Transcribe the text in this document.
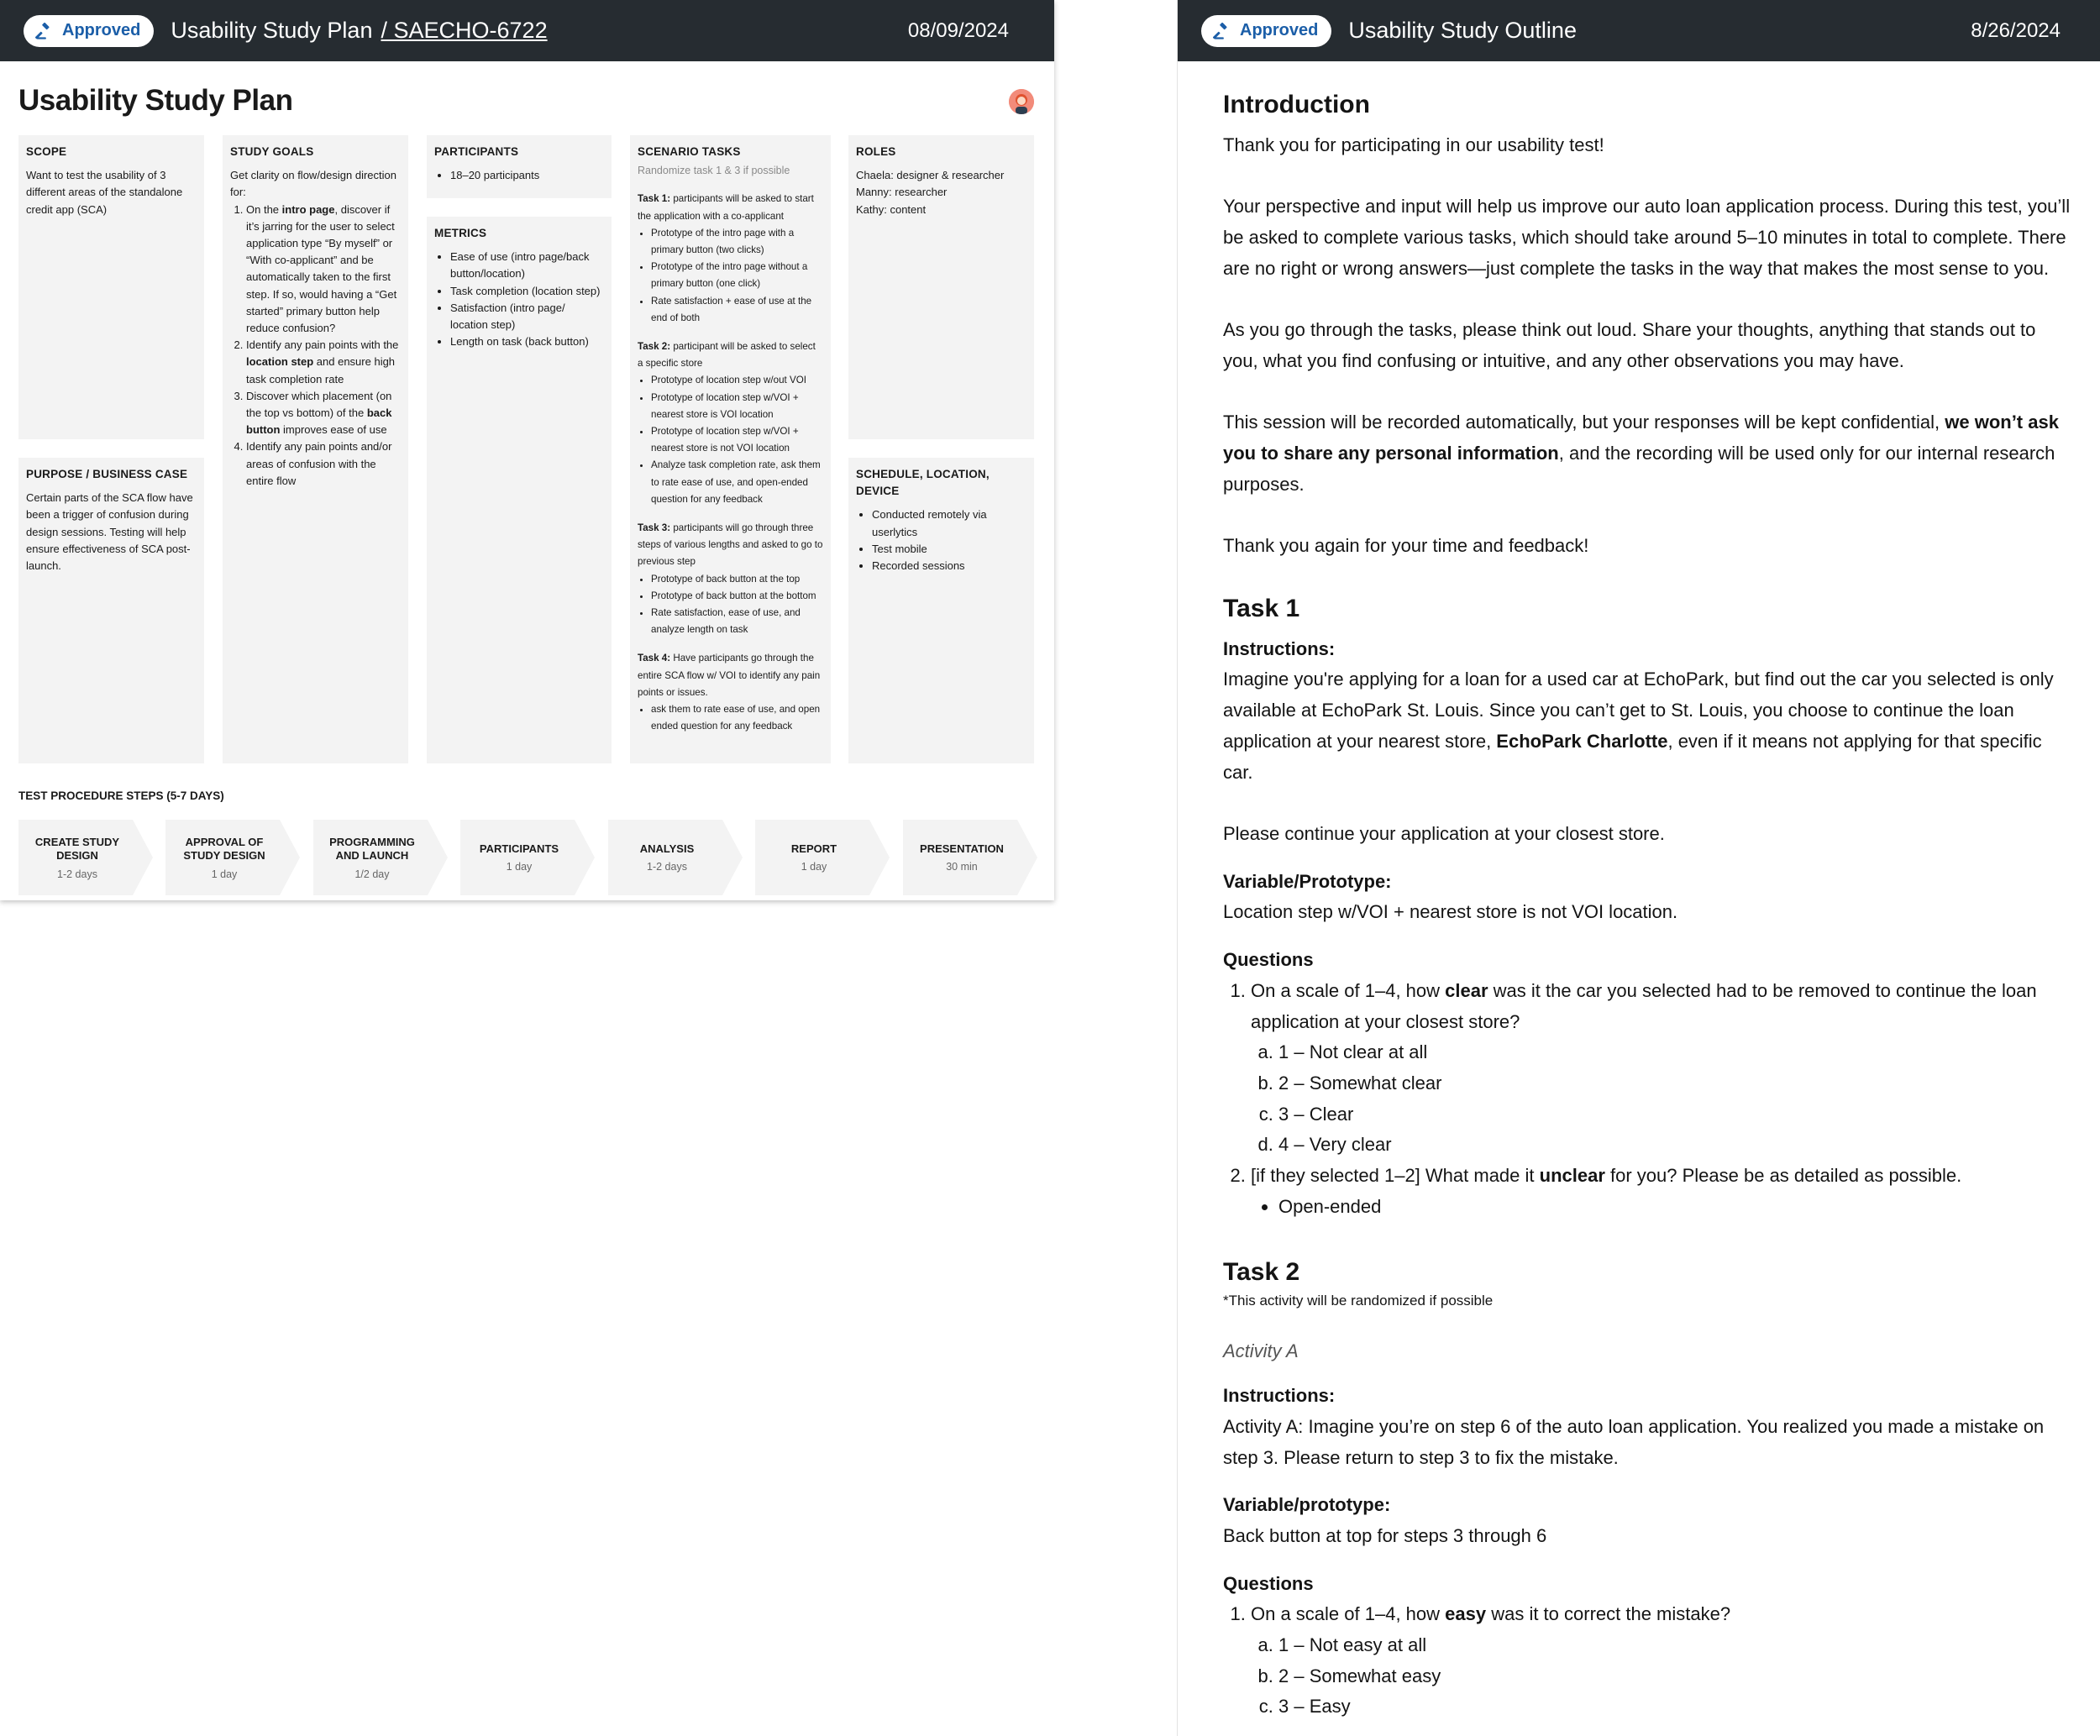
Approved Usability Study Plan / SAECHO-6722	08/09/2024
Usability Study Plan
SCOPE

Want to test the usability of 3 different areas of the standalone credit app (SCA)

PURPOSE / BUSINESS CASE

Certain parts of the SCA flow have been a trigger of confusion during design sessions. Testing will help ensure effectiveness of SCA post-launch.

STUDY GOALS

Get clarity on flow/design direction for:

1. On the intro page, discover if it’s jarring for the user to select application type “By myself” or “With co-applicant” and be automatically taken to the first step. If so, would having a “Get started” primary button help reduce confusion?
2. Identify any pain points with the location step and ensure high task completion rate
3. Discover which placement (on the top vs bottom) of the back button improves ease of use
4. Identify any pain points and/or areas of confusion with the entire flow
PARTICIPANTS
• 18–20 participants
METRICS
• Ease of use (intro page/back button/location)
• Task completion (location step)
• Satisfaction (intro page/ location step)
• Length on task (back button)
SCENARIO TASKS
Randomize task 1 & 3 if possible

Task 1: participants will be asked to start the application with a co-applicant

• Prototype of the intro page with a primary button (two clicks)
• Prototype of the intro page without a primary button (one click)
• Rate satisfaction + ease of use at the end of both

Task 2: participant will be asked to select a specific store

• Prototype of location step w/out VOI
• Prototype of location step w/VOI + nearest store is VOI location
• Prototype of location step w/VOI + nearest store is not VOI location
• Analyze task completion rate, ask them to rate ease of use, and open-ended question for any feedback

Task 3: participants will go through three steps of various lengths and asked to go to previous step

• Prototype of back button at the top
• Prototype of back button at the bottom
• Rate satisfaction, ease of use, and analyze length on task

Task 4: Have participants go through the entire SCA flow w/ VOI to identify any pain points or issues.

• ask them to rate ease of use, and open ended question for any feedback
ROLES

Chaela: designer & researcher

Manny: researcher

Kathy: content

SCHEDULE, LOCATION, DEVICE
• Conducted remotely via userlytics
• Test mobile
• Recorded sessions
TEST PROCEDURE STEPS (5-7 DAYS)
CREATE STUDY DESIGN
1-2 days
APPROVAL OF STUDY DESIGN
1 day
PROGRAMMING AND LAUNCH
1/2 day
PARTICIPANTS
1 day
ANALYSIS
1-2 days
REPORT
1 day
PRESENTATION
30 min
Approved Usability Study Outline	8/26/2024
Introduction

Thank you for participating in our usability test!

Your perspective and input will help us improve our auto loan application process. During this test, you’ll be asked to complete various tasks, which should take around 5–10 minutes in total to complete. There are no right or wrong answers—just complete the tasks in the way that makes the most sense to you.

As you go through the tasks, please think out loud. Share your thoughts, anything that stands out to you, what you find confusing or intuitive, and any other observations you may have.

This session will be recorded automatically, but your responses will be kept confidential, we won’t ask you to share any personal information, and the recording will be used only for our internal research purposes.

Thank you again for your time and feedback!

Task 1

Instructions:

Imagine you're applying for a loan for a used car at EchoPark, but find out the car you selected is only available at EchoPark St. Louis. Since you can’t get to St. Louis, you choose to continue the loan application at your nearest store, EchoPark Charlotte, even if it means not applying for that specific car.

Please continue your application at your closest store.

Variable/Prototype:

Location step w/VOI + nearest store is not VOI location.

Questions

1. On a scale of 1–4, how clear was it the car you selected had to be removed to continue the loan application at your closest store?
a. 1 – Not clear at all
b. 2 – Somewhat clear
c. 3 – Clear
d. 4 – Very clear
2. [if they selected 1–2] What made it unclear for you? Please be as detailed as possible.
• Open-ended
Task 2

*This activity will be randomized if possible

Activity A

Instructions:

Activity A: Imagine you’re on step 6 of the auto loan application. You realized you made a mistake on step 3. Please return to step 3 to fix the mistake.

Variable/prototype:

Back button at top for steps 3 through 6

Questions

1. On a scale of 1–4, how easy was it to correct the mistake?
a. 1 – Not easy at all
b. 2 – Somewhat easy
c. 3 – Easy
